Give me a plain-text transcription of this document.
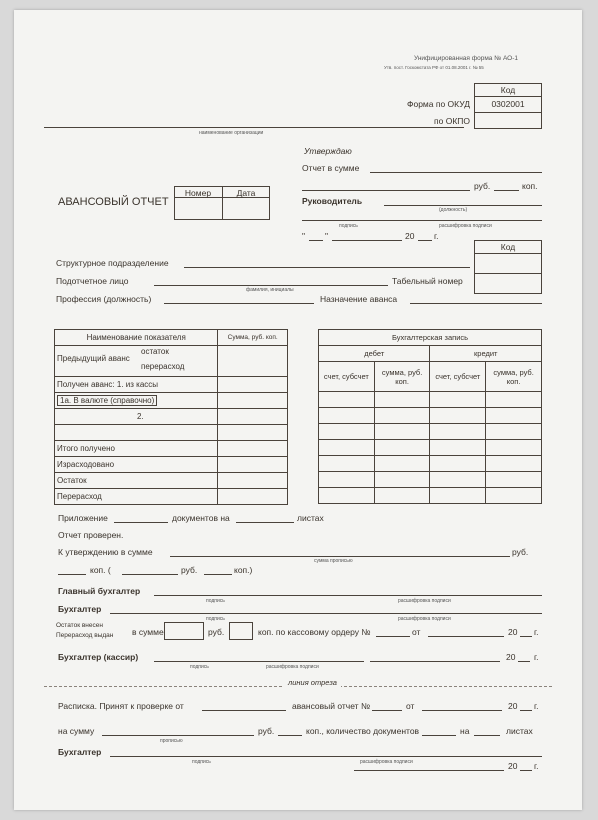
Унифицированная форма № АО-1
Утв. пост. Госкомстата РФ от 01.08.2001 г. № 55
Код
Форма по ОКУД	0302001
по ОКПО
наименование организации
Утверждаю
Отчет в сумме
руб.	коп.
Руководитель
(должность)
подпись	расшифровка подписи
" "	20 г.
АВАНСОВЫЙ ОТЧЕТ
Номер	Дата
Код
Структурное подразделение
Подотчетное лицо
фамилия, инициалы
Табельный номер
Профессия (должность)	Назначение аванса
Наименование показателя	Сумма, руб. коп.

Предыдущий аванс
остаток
перерасход	

Получен аванс: 1. из кассы	
1а. В валюте (справочно)	
2.	

Итого получено	
Израсходовано	
Остаток	
Перерасход	
Бухгалтерская запись			
дебет		кредит	
счет, субсчет	сумма, руб. коп.	счет, субсчет	сумма, руб. коп.

Приложение	документов на	листах
Отчет проверен.
К утверждению в сумме	руб.
сумма прописью
коп. (	руб.	коп.)
Главный бухгалтер
подпись	расшифровка подписи
Бухгалтер
подпись	расшифровка подписи
Остаток внесен
Перерасход выдан в сумме	руб.	коп. по кассовому ордеру №	от	20 г.
Бухгалтер (кассир)
подпись	расшифровка подписи
20 г.
линия отреза
Расписка. Принят к проверке от	авансовый отчет №	от	20 г.
на сумму
прописью
руб.	коп., количество документов	на	листах
Бухгалтер
подпись	расшифровка подписи	20 г.
